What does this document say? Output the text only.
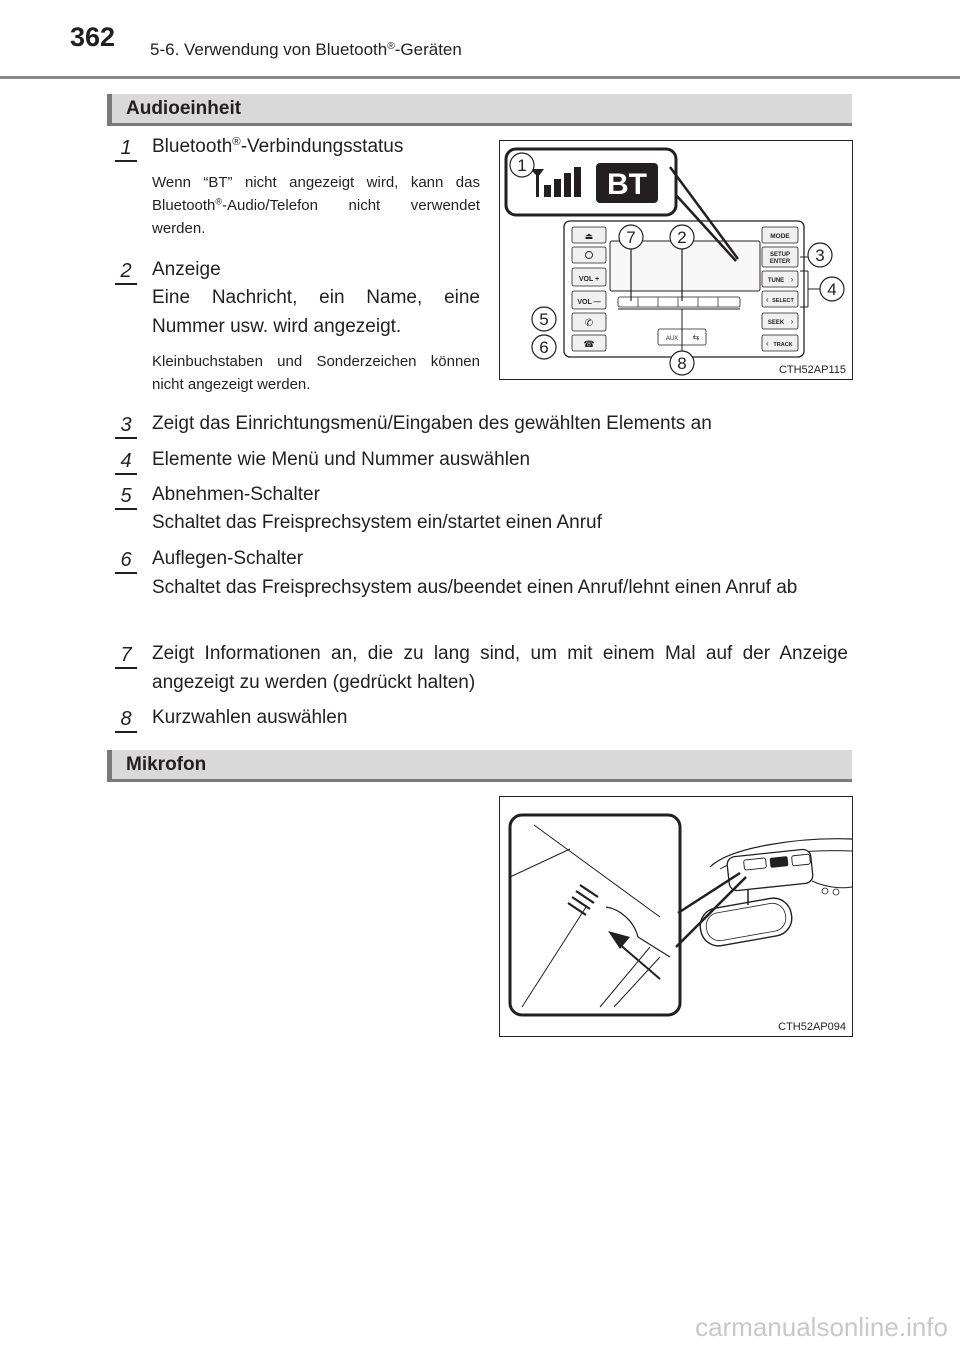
362 5-6. Verwendung von Bluetooth®-Geräten
Audioeinheit
1 Bluetooth®-Verbindungsstatus
Wenn “BT” nicht angezeigt wird, kann das Bluetooth®-Audio/Telefon nicht verwendet werden.
2 Anzeige
Eine Nachricht, ein Name, eine Nummer usw. wird angezeigt.
Kleinbuchstaben und Sonderzeichen können nicht angezeigt werden.
⏏
VOL +
VOL —
✆
☎	AUX ⇆
MODE
SETUP
ENTER
TUNE ›
‹ SELECT
SEEK ›
‹ TRACK
BT
1
2
3
4
5
6
7
8	CTH52AP115
3 Zeigt das Einrichtungsmenü/Eingaben des gewählten Elements an
4 Elemente wie Menü und Nummer auswählen
5 Abnehmen-Schalter
Schaltet das Freisprechsystem ein/startet einen Anruf
6 Auflegen-Schalter
Schaltet das Freisprechsystem aus/beendet einen Anruf/lehnt einen Anruf ab
7 Zeigt Informationen an, die zu lang sind, um mit einem Mal auf der Anzeige angezeigt zu werden (gedrückt halten)
8 Kurzwahlen auswählen
Mikrofon
CTH52AP094
carmanualsonline.info
